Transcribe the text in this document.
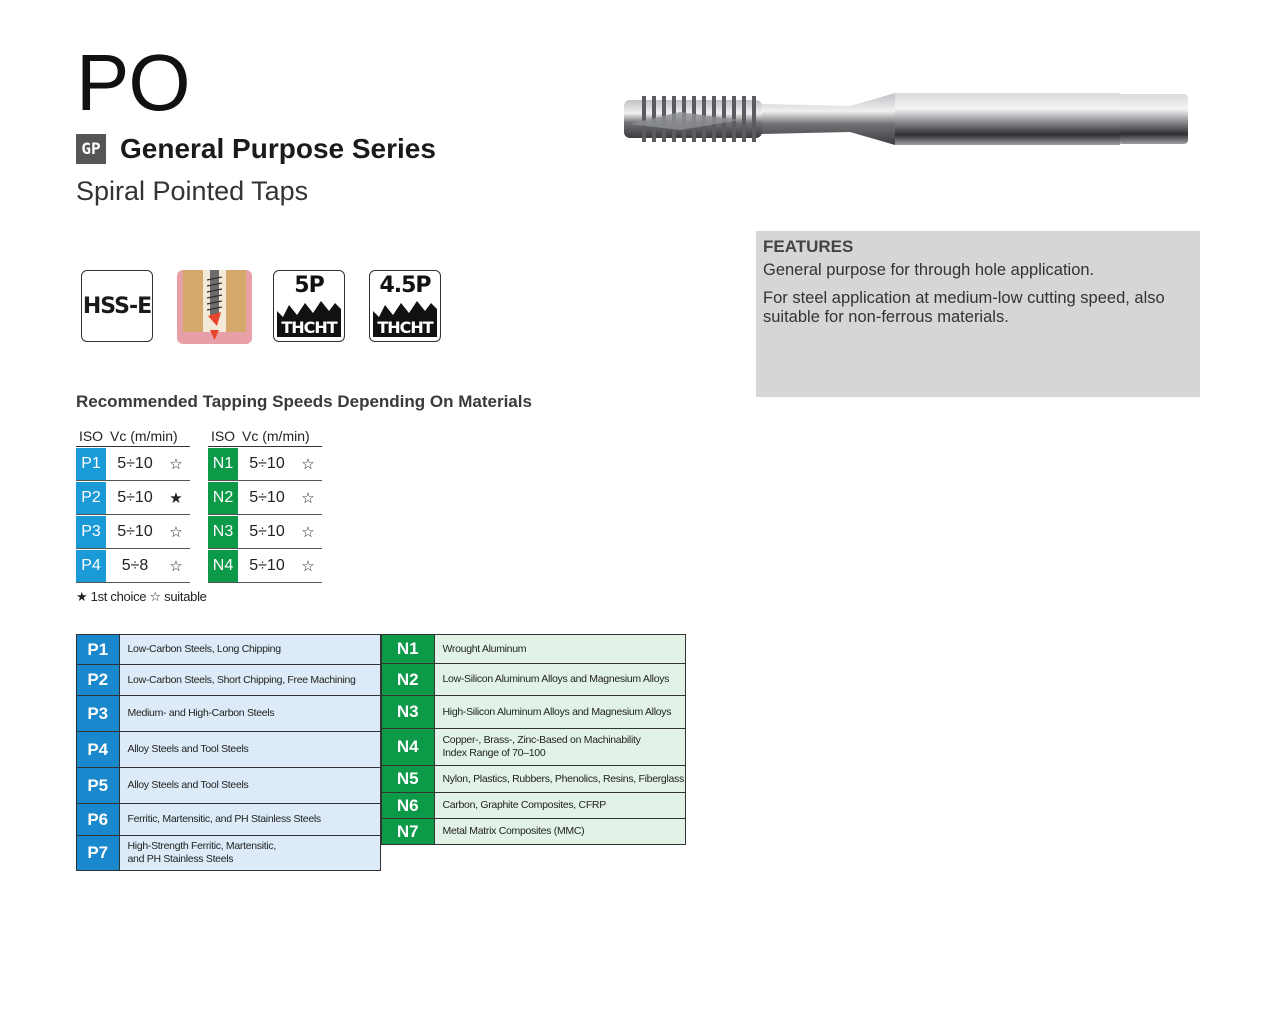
PO
GP General Purpose Series
Spiral Pointed Taps
HSS-E
5P
THCHT
4.5P
THCHT
FEATURES

General purpose for through hole application.

For steel application at medium-low cutting speed, also suitable for non-ferrous materials.

Recommended Tapping Speeds Depending On Materials
ISO Vc (m/min)
P1	5÷10	☆
P2	5÷10	★
P3	5÷10	☆
P4	5÷8	☆
ISO Vc (m/min)
N1	5÷10	☆
N2	5÷10	☆
N3	5÷10	☆
N4	5÷10	☆
★ 1st choice ☆ suitable
P1	Low-Carbon Steels, Long Chipping
P2	Low-Carbon Steels, Short Chipping, Free Machining
P3	Medium- and High-Carbon Steels
P4	Alloy Steels and Tool Steels
P5	Alloy Steels and Tool Steels
P6	Ferritic, Martensitic, and PH Stainless Steels
P7	High-Strength Ferritic, Martensitic, and PH Stainless Steels
N1	Wrought Aluminum
N2	Low-Silicon Aluminum Alloys and Magnesium Alloys
N3	High-Silicon Aluminum Alloys and Magnesium Alloys
N4	Copper-, Brass-, Zinc-Based on Machinability Index Range of 70–100
N5	Nylon, Plastics, Rubbers, Phenolics, Resins, Fiberglass
N6	Carbon, Graphite Composites, CFRP
N7	Metal Matrix Composites (MMC)
